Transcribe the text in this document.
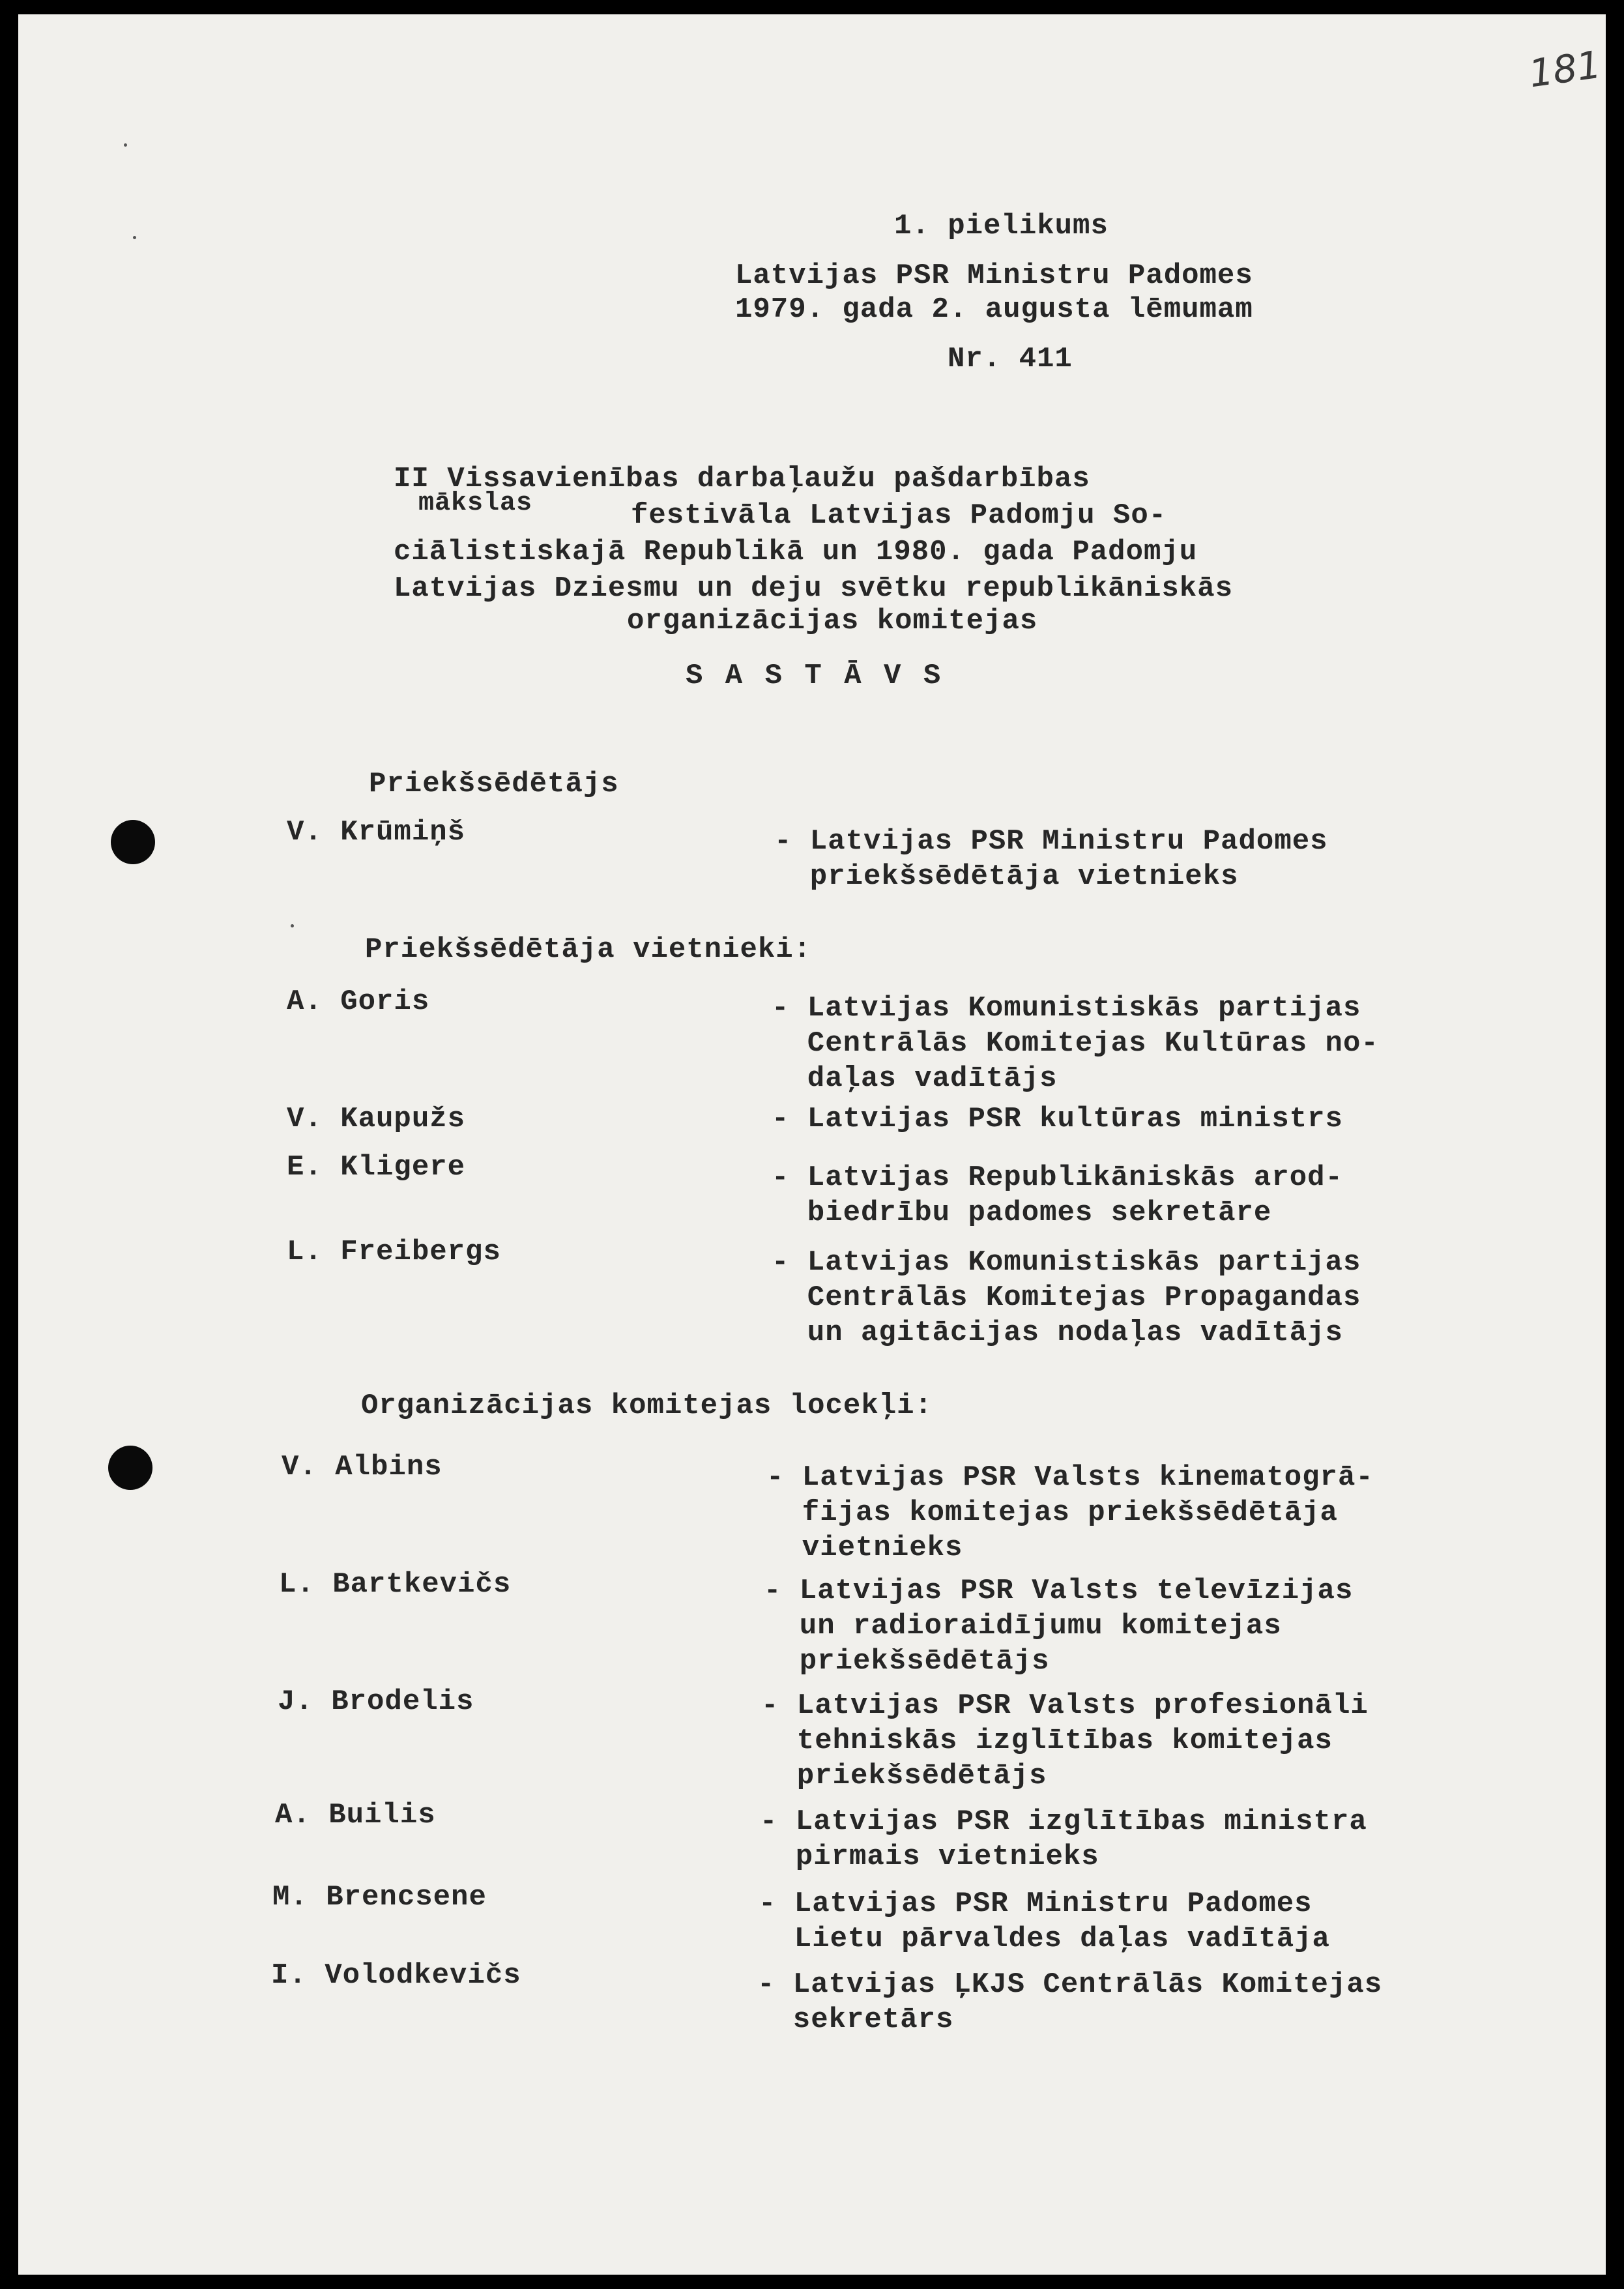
181
1. pielikums
Latvijas PSR Ministru Padomes
1979. gada 2. augusta lēmumam
Nr. 411
II Vissavienības darbaļaužu pašdarbības
mākslas	festivāla Latvijas Padomju So-
ciālistiskajā Republikā un 1980. gada Padomju
Latvijas Dziesmu un deju svētku republikāniskās
organizācijas komitejas
S A S T Ā V S
Priekšsēdētājs
V. Krūmiņš

	- Latvijas PSR Ministru Padomes

priekšsēdētāja vietnieks

Priekšsēdētāja vietnieki:
A. Goris

	- Latvijas Komunistiskās partijas

Centrālās Komitejas Kultūras no-

daļas vadītājs

V. Kaupužs

	- Latvijas PSR kultūras ministrs

E. Kligere

	- Latvijas Republikāniskās arod-

biedrību padomes sekretāre

L. Freibergs

	- Latvijas Komunistiskās partijas

Centrālās Komitejas Propagandas

un agitācijas nodaļas vadītājs

Organizācijas komitejas locekļi:
V. Albins

	- Latvijas PSR Valsts kinematogrā-

fijas komitejas priekšsēdētāja

vietnieks

L. Bartkevičs

	- Latvijas PSR Valsts televīzijas

un radioraidījumu komitejas

priekšsēdētājs

J. Brodelis

	- Latvijas PSR Valsts profesionāli

tehniskās izglītības komitejas

priekšsēdētājs

A. Builis

	- Latvijas PSR izglītības ministra

pirmais vietnieks

M. Brencsene

	- Latvijas PSR Ministru Padomes

Lietu pārvaldes daļas vadītāja

I. Volodkevičs

	- Latvijas ĻKJS Centrālās Komitejas

sekretārs
